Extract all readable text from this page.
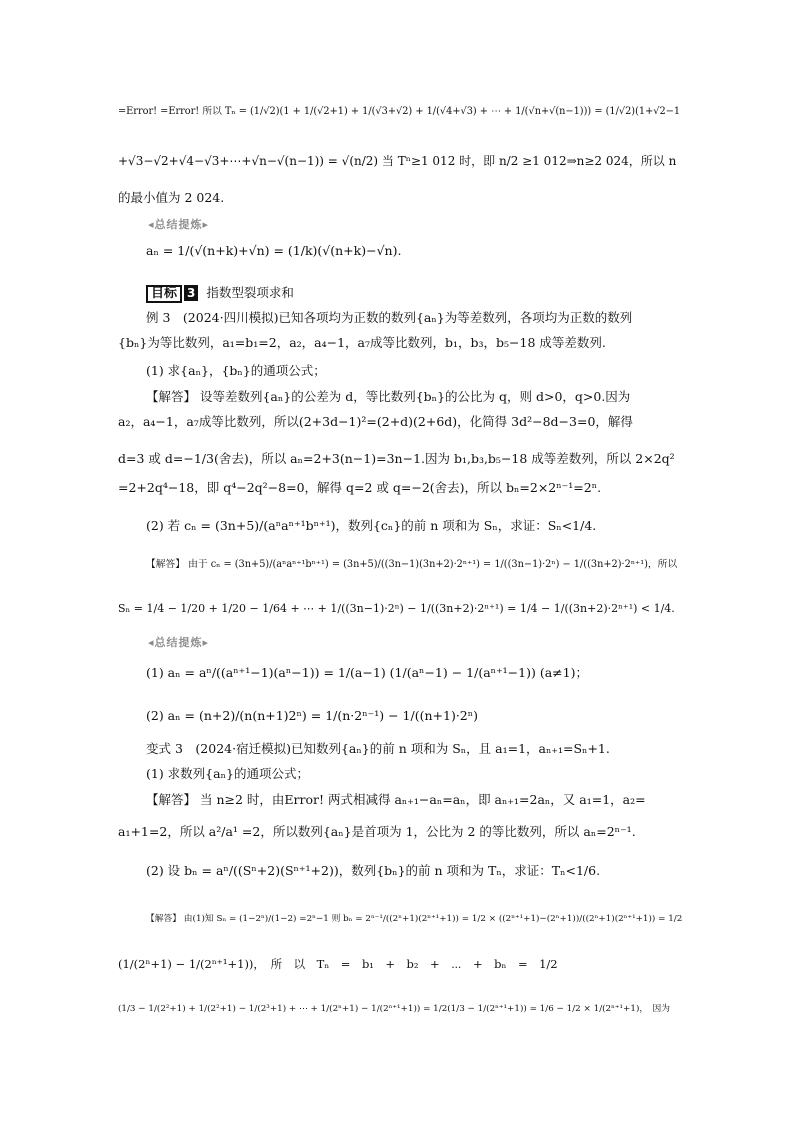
=Error! =Error! 所以 Tₙ = (1/√2)(1 + 1/(√2+1) + 1/(√3+√2) + 1/(√4+√3) + ⋯ + 1/(√n+√(n−1))) = (1/√2)(1+√2−1
+√3−√2+√4−√3+⋯+√n−√(n−1)) = √(n/2) 当 Tⁿ≥1 012 时，即 n/2 ≥1 012⇒n≥2 024，所以 n
的最小值为 2 024.
◂总结提炼▸
aₙ = 1/(√(n+k)+√n) = (1/k)(√(n+k)−√n).
目标 3 指数型裂项求和
例 3　(2024·四川模拟)已知各项均为正数的数列{aₙ}为等差数列，各项均为正数的数列
{bₙ}为等比数列，a₁=b₁=2，a₂，a₄−1，a₇成等比数列，b₁，b₃，b₅−18 成等差数列.
(1) 求{aₙ}，{bₙ}的通项公式；
【解答】 设等差数列{aₙ}的公差为 d，等比数列{bₙ}的公比为 q，则 d>0，q>0.因为
a₂，a₄−1，a₇成等比数列，所以(2+3d−1)²=(2+d)(2+6d)，化简得 3d²−8d−3=0，解得
d=3 或 d=−1/3(舍去)，所以 aₙ=2+3(n−1)=3n−1.因为 b₁,b₃,b₅−18 成等差数列，所以 2×2q²
=2+2q⁴−18，即 q⁴−2q²−8=0，解得 q=2 或 q=−2(舍去)，所以 bₙ=2×2ⁿ⁻¹=2ⁿ.
(2) 若 cₙ = (3n+5)/(aⁿaⁿ⁺¹bⁿ⁺¹)，数列{cₙ}的前 n 项和为 Sₙ，求证：Sₙ<1/4.
【解答】 由于 cₙ = (3n+5)/(aⁿaⁿ⁺¹bⁿ⁺¹) = (3n+5)/((3n−1)(3n+2)·2ⁿ⁺¹) = 1/((3n−1)·2ⁿ) − 1/((3n+2)·2ⁿ⁺¹)，所以
Sₙ = 1/4 − 1/20 + 1/20 − 1/64 + ⋯ + 1/((3n−1)·2ⁿ) − 1/((3n+2)·2ⁿ⁺¹) = 1/4 − 1/((3n+2)·2ⁿ⁺¹) < 1/4.
◂总结提炼▸
(1) aₙ = aⁿ/((aⁿ⁺¹−1)(aⁿ−1)) = 1/(a−1) (1/(aⁿ−1) − 1/(aⁿ⁺¹−1)) (a≠1)；
(2) aₙ = (n+2)/(n(n+1)2ⁿ) = 1/(n·2ⁿ⁻¹) − 1/((n+1)·2ⁿ)
变式 3　(2024·宿迁模拟)已知数列{aₙ}的前 n 项和为 Sₙ，且 a₁=1，aₙ₊₁=Sₙ+1.
(1) 求数列{aₙ}的通项公式；
【解答】 当 n≥2 时，由Error! 两式相减得 aₙ₊₁−aₙ=aₙ，即 aₙ₊₁=2aₙ，又 a₁=1，a₂=
a₁+1=2，所以 a²/a¹ =2，所以数列{aₙ}是首项为 1，公比为 2 的等比数列，所以 aₙ=2ⁿ⁻¹.
(2) 设 bₙ = aⁿ/((Sⁿ+2)(Sⁿ⁺¹+2))，数列{bₙ}的前 n 项和为 Tₙ，求证：Tₙ<1/6.
【解答】 由(1)知 Sₙ = (1−2ⁿ)/(1−2) =2ⁿ−1 则 bₙ = 2ⁿ⁻¹/((2ⁿ+1)(2ⁿ⁺¹+1)) = 1/2 × ((2ⁿ⁺¹+1)−(2ⁿ+1))/((2ⁿ+1)(2ⁿ⁺¹+1)) = 1/2
(1/(2ⁿ+1) − 1/(2ⁿ⁺¹+1))，　所　以　Tₙ　=　b₁　+　b₂　+　⋯　+　bₙ　=　1/2
(1/3 − 1/(2²+1) + 1/(2²+1) − 1/(2³+1) + ⋯ + 1/(2ⁿ+1) − 1/(2ⁿ⁺¹+1)) = 1/2(1/3 − 1/(2ⁿ⁺¹+1)) = 1/6 − 1/2 × 1/(2ⁿ⁺¹+1)，　因为
